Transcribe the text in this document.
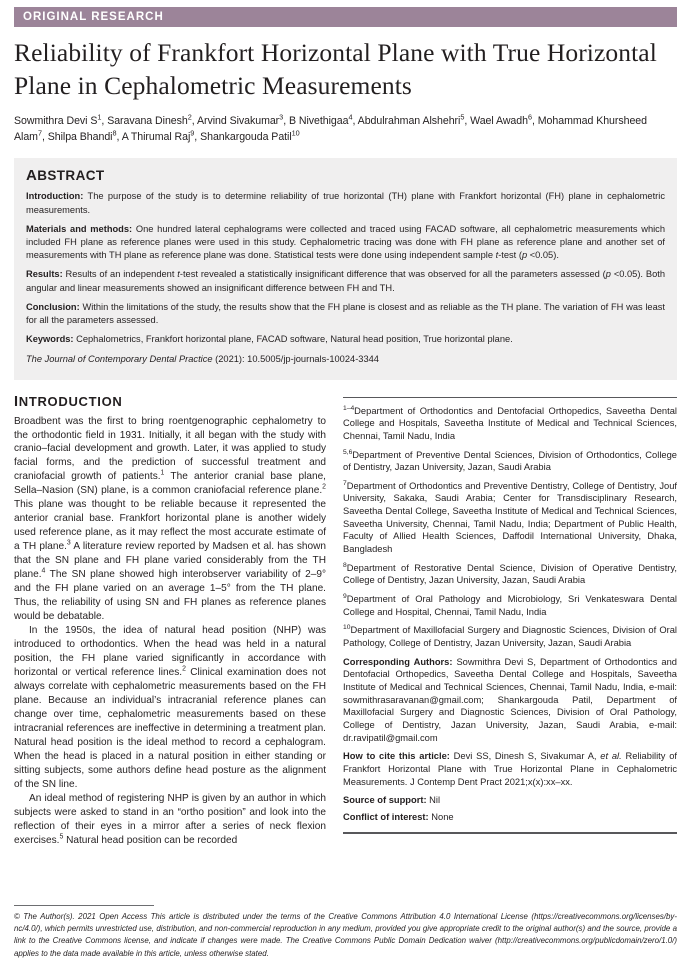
ORIGINAL RESEARCH
Reliability of Frankfort Horizontal Plane with True Horizontal Plane in Cephalometric Measurements
Sowmithra Devi $S^1$, Saravana Dinesh$^2$, Arvind Sivakumar$^3$, B Nivethigaa$^4$, Abdulrahman Alshehri$^5$, Wael Awadh$^6$, Mohammad Khursheed Alam$^7$, Shilpa Bhandi$^8$, A Thirumal Raj$^9$, Shankargouda Patil$^{10}$
ABSTRACT

Introduction: The purpose of the study is to determine reliability of true horizontal (TH) plane with Frankfort horizontal (FH) plane in cephalometric measurements.

Materials and methods: One hundred lateral cephalograms were collected and traced using FACAD software, all cephalometric measurements which included FH plane as reference planes were used in this study. Cephalometric tracing was done with FH plane as reference plane and another set of measurements with TH plane as reference plane was done. Statistical tests were done using independent sample t-test (p <0.05).

Results: Results of an independent t-test revealed a statistically insignificant difference that was observed for all the parameters assessed (p <0.05). Both angular and linear measurements showed an insignificant difference between FH and TH.

Conclusion: Within the limitations of the study, the results show that the FH plane is closest and as reliable as the TH plane. The variation of FH was least for all the parameters assessed.

Keywords: Cephalometrics, Frankfort horizontal plane, FACAD software, Natural head position, True horizontal plane.

The Journal of Contemporary Dental Practice (2021): 10.5005/jp-journals-10024-3344

INTRODUCTION

Broadbent was the first to bring roentgenographic cephalometry to the orthodontic field in 1931. Initially, it all began with the study with cranio–facial development and growth. Later, it was applied to study facial forms, and the prediction of successful treatment and craniofacial growth of patients.$^1$ The anterior cranial base plane, Sella–Nasion (SN) plane, is a common craniofacial reference plane.$^2$ This plane was thought to be reliable because it represented the anterior cranial base. Frankfort horizontal plane is another widely used reference plane, as it may reflect the most accurate estimate of a TH plane.$^3$ A literature review reported by Madsen et al. has shown that the SN plane and FH plane varied considerably from the TH plane.$^4$ The SN plane showed high interobserver variability of 2–9° and the FH plane varied on an average 1–5° from the TH plane. Thus, the reliability of using SN and FH planes as reference planes would be debatable.

In the 1950s, the idea of natural head position (NHP) was introduced to orthodontics. When the head was held in a natural position, the FH plane varied significantly in accordance with horizontal or vertical reference lines.$^2$ Clinical examination does not always correlate with cephalometric measurements based on the FH plane. Because an individual’s intracranial reference planes can change over time, cephalometric measurements based on these intracranial references are ineffective in determining a treatment plan. Natural head position is the ideal method to record a cephalogram. When the head is placed in a natural position in either standing or sitting subjects, some authors define head posture as the alignment of the SN line.

An ideal method of registering NHP is given by an author in which subjects were asked to stand in an “ortho position” and look into the reflection of their eyes in a mirror after a series of neck flexion exercises.$^5$ Natural head position can be recorded

$^{1-4}$Department of Orthodontics and Dentofacial Orthopedics, Saveetha Dental College and Hospitals, Saveetha Institute of Medical and Technical Sciences, Chennai, Tamil Nadu, India

$^{5,6}$Department of Preventive Dental Sciences, Division of Orthodontics, College of Dentistry, Jazan University, Jazan, Saudi Arabia

$^7$Department of Orthodontics and Preventive Dentistry, College of Dentistry, Jouf University, Sakaka, Saudi Arabia; Center for Transdisciplinary Research, Saveetha Dental College, Saveetha Institute of Medical and Technical Sciences, Saveetha University, Chennai, Tamil Nadu, India; Department of Public Health, Faculty of Allied Health Sciences, Daffodil International University, Dhaka, Bangladesh

$^8$Department of Restorative Dental Science, Division of Operative Dentistry, College of Dentistry, Jazan University, Jazan, Saudi Arabia

$^9$Department of Oral Pathology and Microbiology, Sri Venkateswara Dental College and Hospital, Chennai, Tamil Nadu, India

$^{10}$Department of Maxillofacial Surgery and Diagnostic Sciences, Division of Oral Pathology, College of Dentistry, Jazan University, Jazan, Saudi Arabia

Corresponding Authors: Sowmithra Devi S, Department of Orthodontics and Dentofacial Orthopedics, Saveetha Dental College and Hospitals, Saveetha Institute of Medical and Technical Sciences, Chennai, Tamil Nadu, India, e-mail: sowmithrasaravanan@gmail.com; Shankargouda Patil, Department of Maxillofacial Surgery and Diagnostic Sciences, Division of Oral Pathology, College of Dentistry, Jazan University, Jazan, Saudi Arabia, e-mail: dr.ravipatil@gmail.com

How to cite this article: Devi SS, Dinesh S, Sivakumar A, et al. Reliability of Frankfort Horizontal Plane with True Horizontal Plane in Cephalometric Measurements. J Contemp Dent Pract 2021;x(x):xx–xx.

Source of support: Nil

Conflict of interest: None

© The Author(s). 2021 Open Access This article is distributed under the terms of the Creative Commons Attribution 4.0 International License (https://creativecommons.org/licenses/by-nc/4.0/), which permits unrestricted use, distribution, and non-commercial reproduction in any medium, provided you give appropriate credit to the original author(s) and the source, provide a link to the Creative Commons license, and indicate if changes were made. The Creative Commons Public Domain Dedication waiver (http://creativecommons.org/publicdomain/zero/1.0/) applies to the data made available in this article, unless otherwise stated.
